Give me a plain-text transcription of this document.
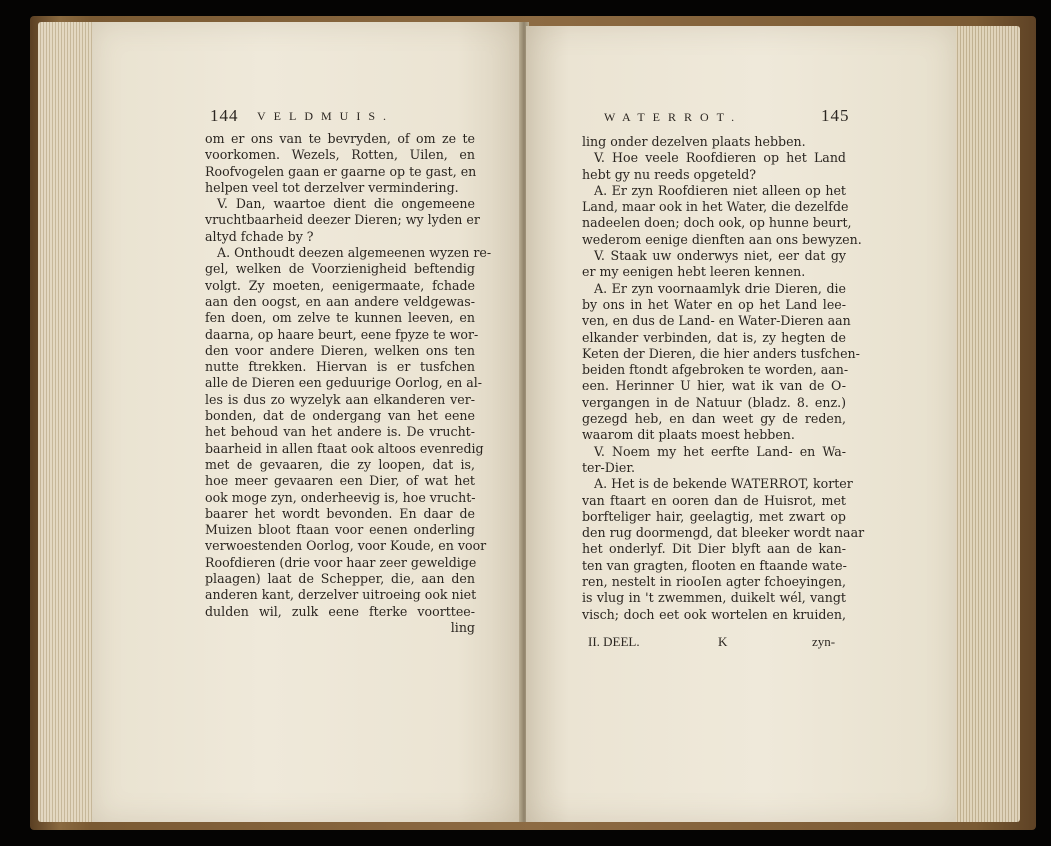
144 VELDMUIS.
om er ons van te bevryden, of om ze te
voorkomen. Wezels, Rotten, Uilen, en
Roofvogelen gaan er gaarne op te gast, en
helpen veel tot derzelver vermindering.
V. Dan, waartoe dient die ongemeene
vruchtbaarheid deezer Dieren; wy lyden er
altyd fchade by ?
A. Onthoudt deezen algemeenen wyzen re-
gel, welken de Voorzienigheid beftendig
volgt. Zy moeten, eenigermaate, fchade
aan den oogst, en aan andere veldgewas-
fen doen, om zelve te kunnen leeven, en
daarna, op haare beurt, eene fpyze te wor-
den voor andere Dieren, welken ons ten
nutte ftrekken. Hiervan is er tusfchen
alle de Dieren een geduurige Oorlog, en al-
les is dus zo wyzelyk aan elkanderen ver-
bonden, dat de ondergang van het eene
het behoud van het andere is. De vrucht-
baarheid in allen ftaat ook altoos evenredig
met de gevaaren, die zy loopen, dat is,
hoe meer gevaaren een Dier, of wat het
ook moge zyn, onderheevig is, hoe vrucht-
baarer het wordt bevonden. En daar de
Muizen bloot ftaan voor eenen onderling
verwoestenden Oorlog, voor Koude, en voor
Roofdieren (drie voor haar zeer geweldige
plaagen) laat de Schepper, die, aan den
anderen kant, derzelver uitroeing ook niet
dulden wil, zulk eene fterke voorttee-
ling
WATERROT.	145
ling onder dezelven plaats hebben.
V. Hoe veele Roofdieren op het Land
hebt gy nu reeds opgeteld?
A. Er zyn Roofdieren niet alleen op het
Land, maar ook in het Water, die dezelfde
nadeelen doen; doch ook, op hunne beurt,
wederom eenige dienften aan ons bewyzen.
V. Staak uw onderwys niet, eer dat gy
er my eenigen hebt leeren kennen.
A. Er zyn voornaamlyk drie Dieren, die
by ons in het Water en op het Land lee-
ven, en dus de Land- en Water-Dieren aan
elkander verbinden, dat is, zy hegten de
Keten der Dieren, die hier anders tusfchen-
beiden ftondt afgebroken te worden, aan-
een. Herinner U hier, wat ik van de O-
vergangen in de Natuur (bladz. 8. enz.)
gezegd heb, en dan weet gy de reden,
waarom dit plaats moest hebben.
V. Noem my het eerfte Land- en Wa-
ter-Dier.
A. Het is de bekende WATERROT, korter
van ftaart en ooren dan de Huisrot, met
borfteliger hair, geelagtig, met zwart op
den rug doormengd, dat bleeker wordt naar
het onderlyf. Dit Dier blyft aan de kan-
ten van gragten, flooten en ftaande wate-
ren, nestelt in riooIen agter fchoeyingen,
is vlug in 't zwemmen, duikelt wél, vangt
visch; doch eet ook wortelen en kruiden,
II. DEEL.	K	zyn-
